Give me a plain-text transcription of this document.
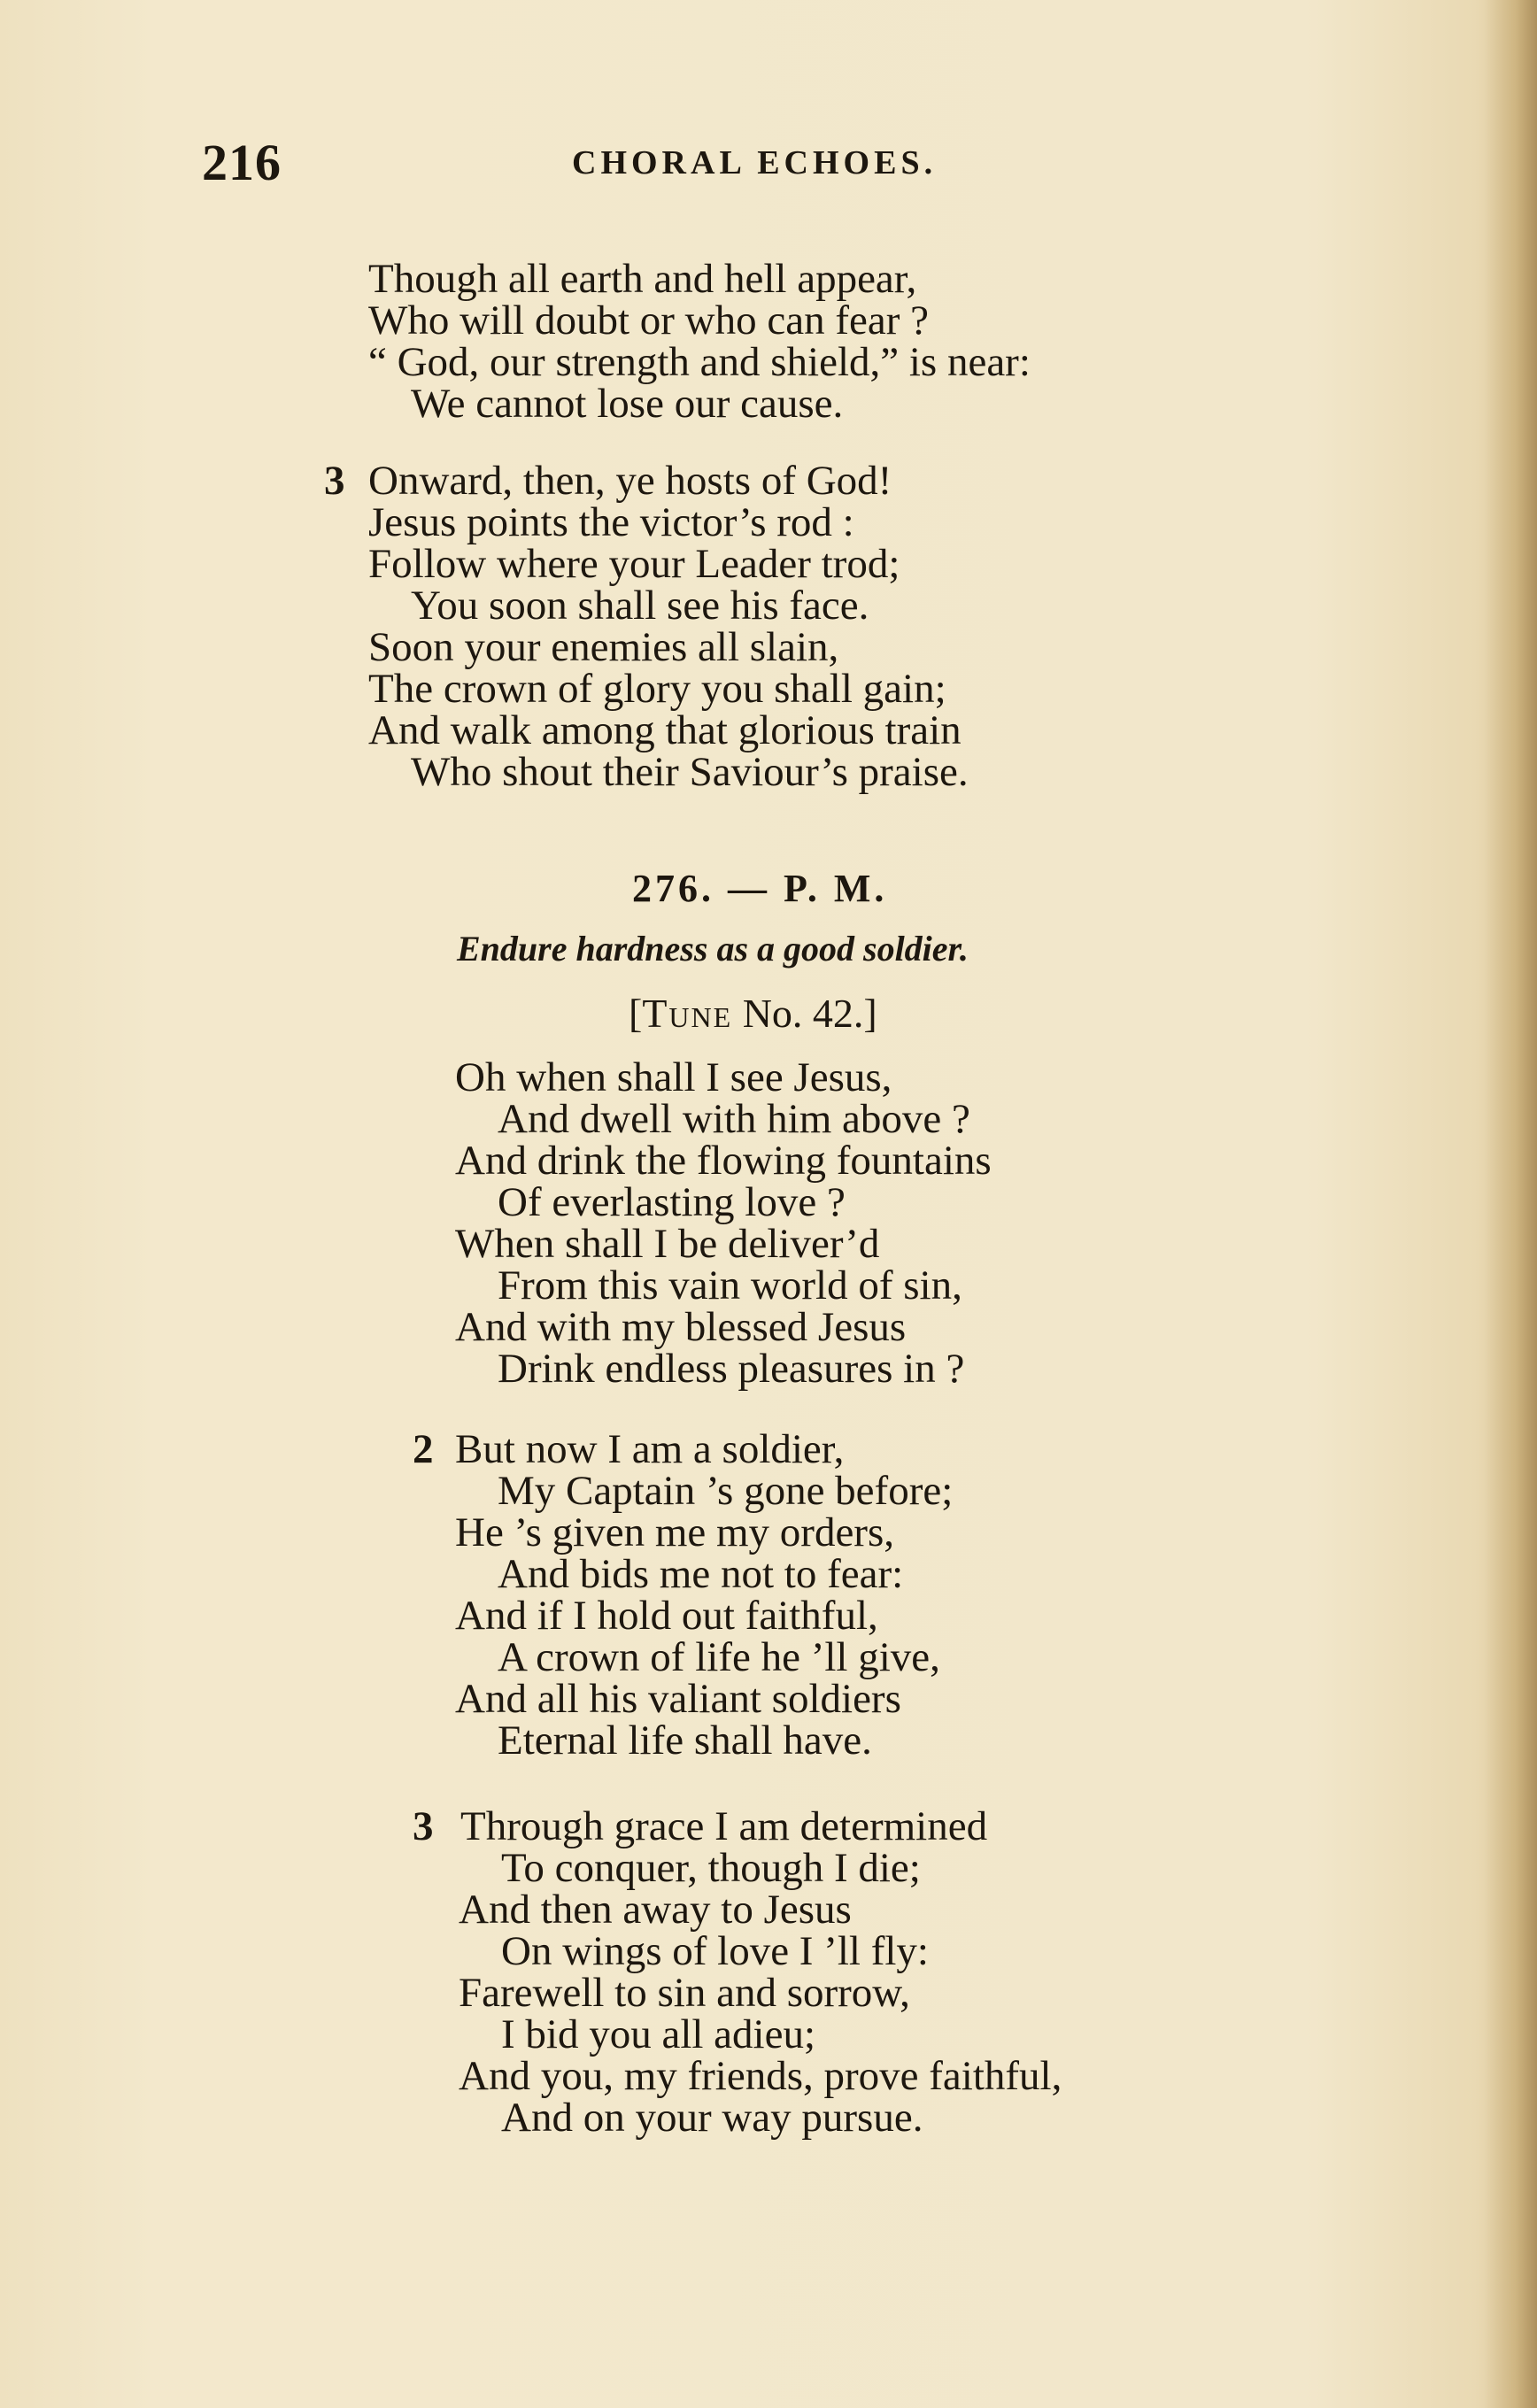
216	CHORAL ECHOES.
Though all earth and hell appear,
Who will doubt or who can fear ?
“ God, our strength and shield,” is near:
We cannot lose our cause.
3 Onward, then, ye hosts of God!
Jesus points the victor’s rod :
Follow where your Leader trod;
You soon shall see his face.
Soon your enemies all slain,
The crown of glory you shall gain;
And walk among that glorious train
Who shout their Saviour’s praise.
276. — P. M.
Endure hardness as a good soldier.
[Tune No. 42.]
Oh when shall I see Jesus,
And dwell with him above ?
And drink the flowing fountains
Of everlasting love ?
When shall I be deliver’d
From this vain world of sin,
And with my blessed Jesus
Drink endless pleasures in ?
2 But now I am a soldier,
My Captain ’s gone before;
He ’s given me my orders,
And bids me not to fear:
And if I hold out faithful,
A crown of life he ’ll give,
And all his valiant soldiers
Eternal life shall have.
3 Through grace I am determined
To conquer, though I die;
And then away to Jesus
On wings of love I ’ll fly:
Farewell to sin and sorrow,
I bid you all adieu;
And you, my friends, prove faithful,
And on your way pursue.
